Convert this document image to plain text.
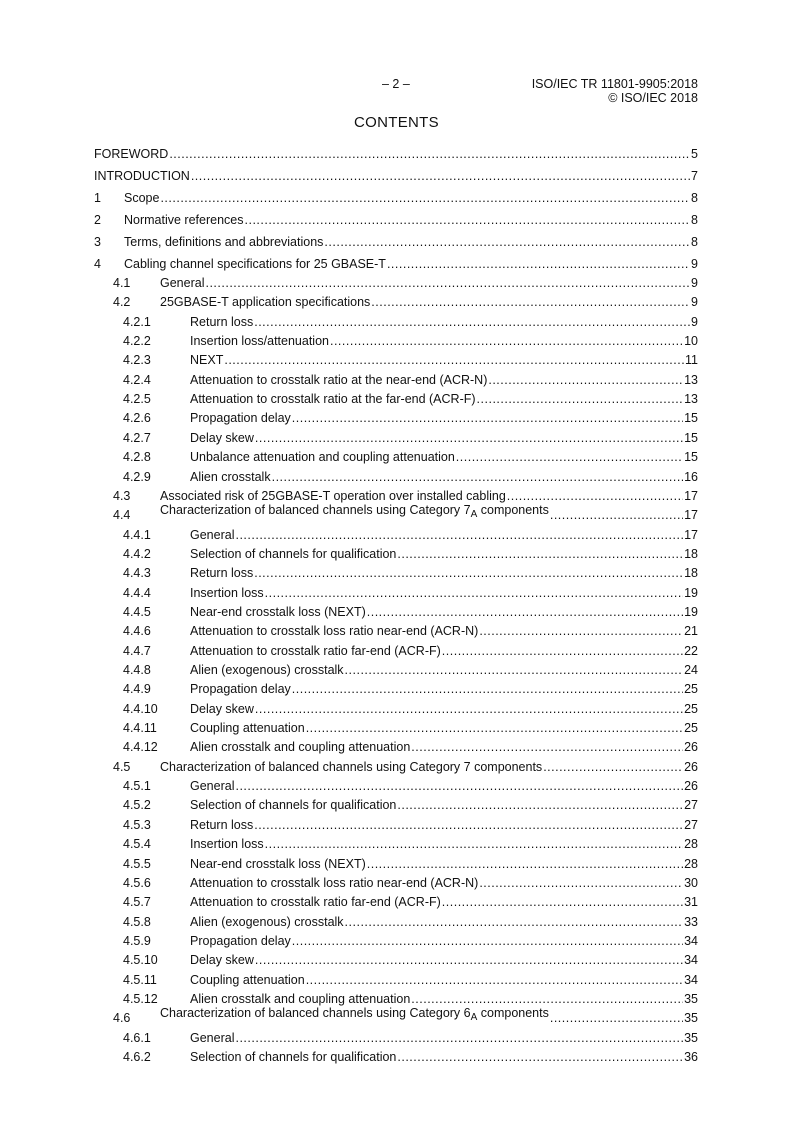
– 2 –	ISO/IEC TR 11801-9905:2018
© ISO/IEC 2018
CONTENTS
FOREWORD .....	5
INTRODUCTION .....	7
1	Scope .....	8
2	Normative references .....	8
3	Terms, definitions and abbreviations .....	8
4	Cabling channel specifications for 25 GBASE-T .....	9
4.1	General .....	9
4.2	25GBASE-T application specifications .....	9
4.2.1	Return loss .....	9
4.2.2	Insertion loss/attenuation .....	10
4.2.3	NEXT .....	11
4.2.4	Attenuation to crosstalk ratio at the near-end (ACR-N) .....	13
4.2.5	Attenuation to crosstalk ratio at the far-end (ACR-F) .....	13
4.2.6	Propagation delay .....	15
4.2.7	Delay skew .....	15
4.2.8	Unbalance attenuation and coupling attenuation .....	15
4.2.9	Alien crosstalk .....	16
4.3	Associated risk of 25GBASE-T operation over installed cabling .....	17
4.4	Characterization of balanced channels using Category $7_A$ components .....	17
4.4.1	General .....	17
4.4.2	Selection of channels for qualification .....	18
4.4.3	Return loss .....	18
4.4.4	Insertion loss .....	19
4.4.5	Near-end crosstalk loss (NEXT) .....	19
4.4.6	Attenuation to crosstalk loss ratio near-end (ACR-N) .....	21
4.4.7	Attenuation to crosstalk ratio far-end (ACR-F) .....	22
4.4.8	Alien (exogenous) crosstalk .....	24
4.4.9	Propagation delay .....	25
4.4.10	Delay skew .....	25
4.4.11	Coupling attenuation .....	25
4.4.12	Alien crosstalk and coupling attenuation .....	26
4.5	Characterization of balanced channels using Category 7 components .....	26
4.5.1	General .....	26
4.5.2	Selection of channels for qualification .....	27
4.5.3	Return loss .....	27
4.5.4	Insertion loss .....	28
4.5.5	Near-end crosstalk loss (NEXT) .....	28
4.5.6	Attenuation to crosstalk loss ratio near-end (ACR-N) .....	30
4.5.7	Attenuation to crosstalk ratio far-end (ACR-F) .....	31
4.5.8	Alien (exogenous) crosstalk .....	33
4.5.9	Propagation delay .....	34
4.5.10	Delay skew .....	34
4.5.11	Coupling attenuation .....	34
4.5.12	Alien crosstalk and coupling attenuation .....	35
4.6	Characterization of balanced channels using Category $6_A$ components .....	35
4.6.1	General .....	35
4.6.2	Selection of channels for qualification .....	36
